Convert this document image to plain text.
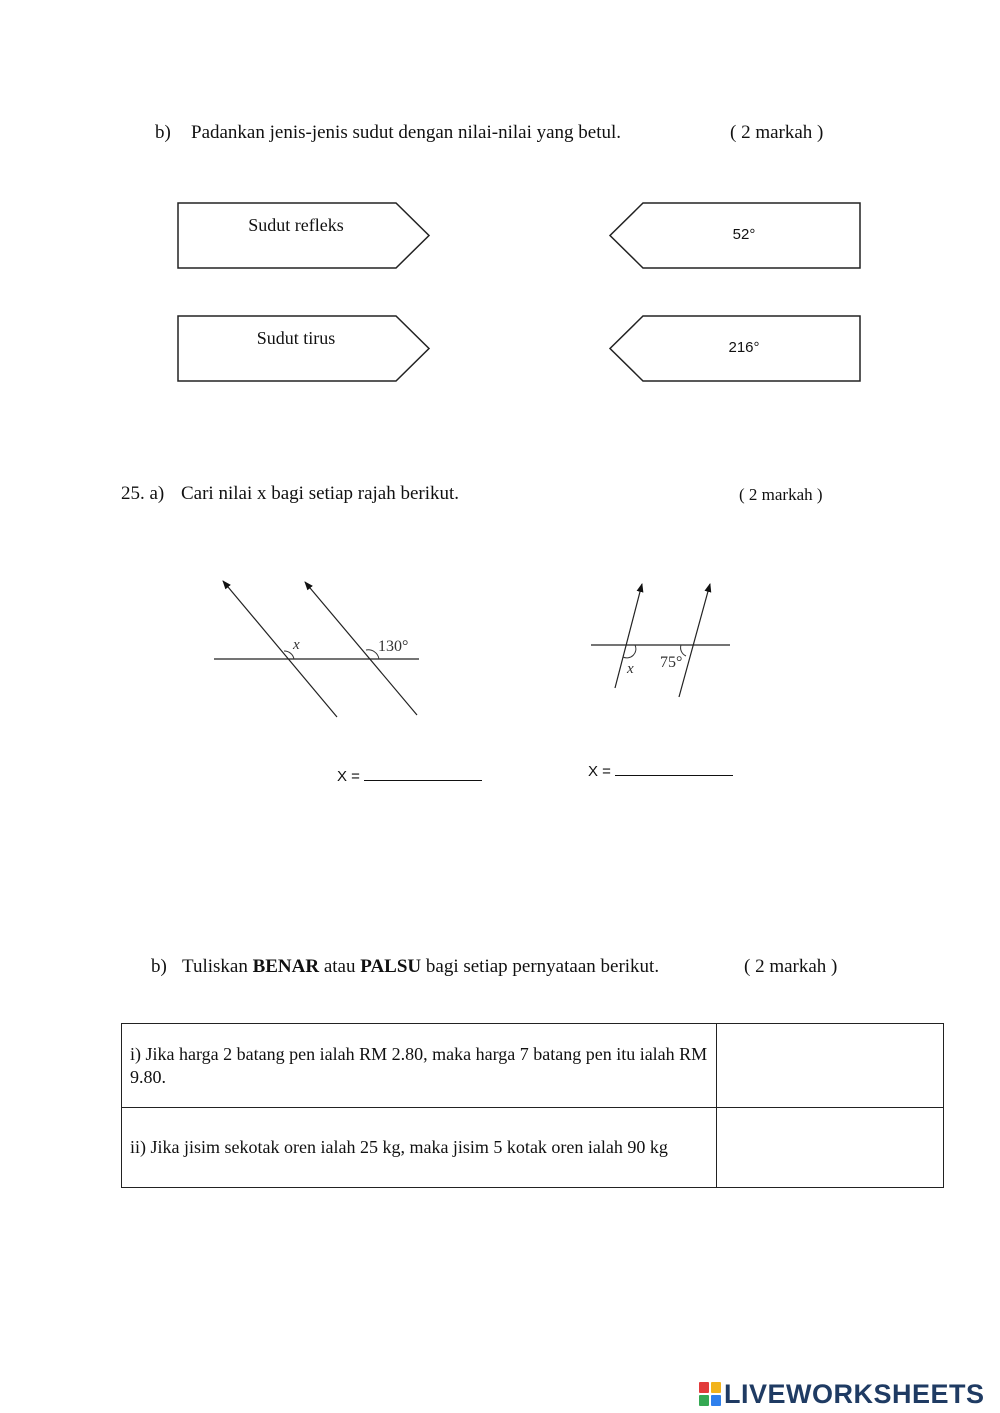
b) Padankan jenis-jenis sudut dengan nilai-nilai yang betul.	( 2 markah )
Sudut refleks
Sudut tirus
52°
216°
25. a) Cari nilai x bagi setiap rajah berikut.	( 2 markah )
x	130°
x 75°
X =	X =
b) Tuliskan BENAR atau PALSU bagi setiap pernyataan berikut.	( 2 markah )
i) Jika harga 2 batang pen ialah RM 2.80, maka harga 7 batang pen itu ialah RM 9.80.	
ii) Jika jisim sekotak oren ialah 25 kg, maka jisim 5 kotak oren ialah 90 kg	
LIVEWORKSHEETS
